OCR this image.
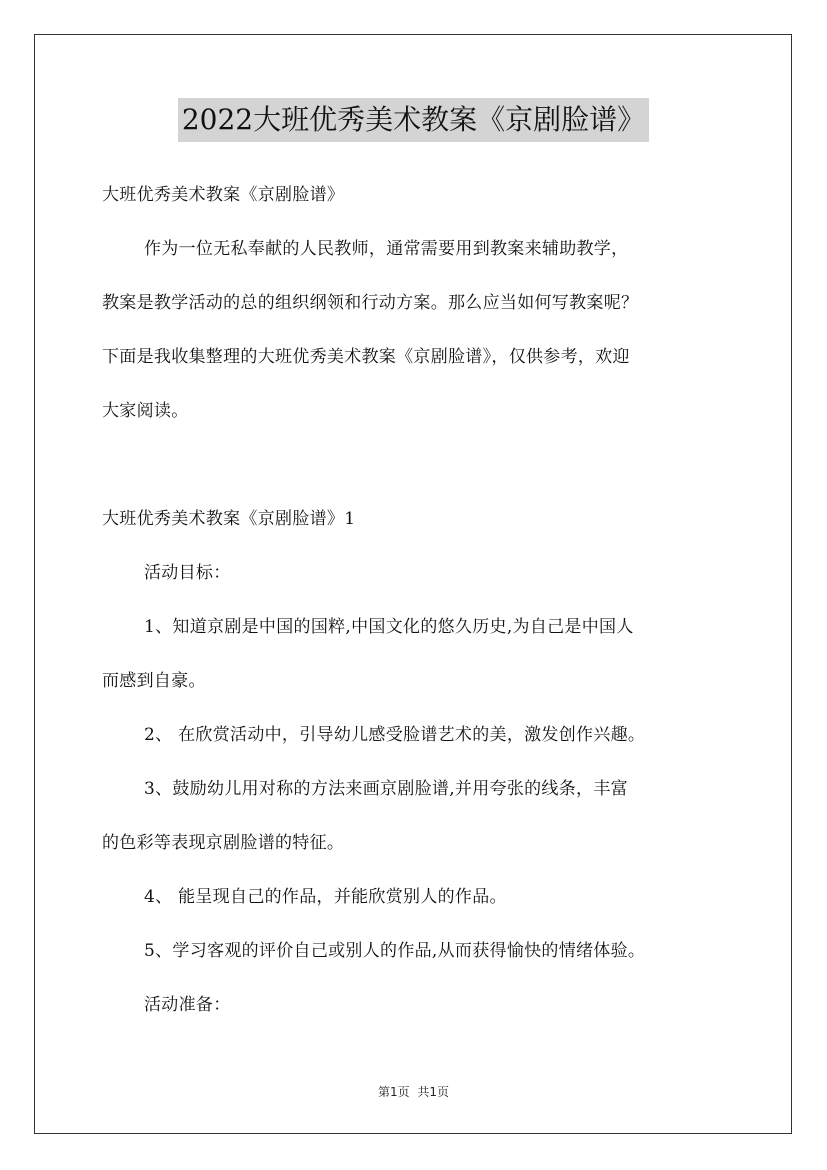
2022大班优秀美术教案《京剧脸谱》
大班优秀美术教案《京剧脸谱》
作为一位无私奉献的人民教师，通常需要用到教案来辅助教学，
教案是教学活动的总的组织纲领和行动方案。那么应当如何写教案呢？
下面是我收集整理的大班优秀美术教案《京剧脸谱》，仅供参考，欢迎
大家阅读。
大班优秀美术教案《京剧脸谱》1
活动目标：
1、知道京剧是中国的国粹,中国文化的悠久历史,为自己是中国人
而感到自豪。
2、 在欣赏活动中，引导幼儿感受脸谱艺术的美，激发创作兴趣。
3、鼓励幼儿用对称的方法来画京剧脸谱,并用夸张的线条，丰富
的色彩等表现京剧脸谱的特征。
4、 能呈现自己的作品，并能欣赏别人的作品。
5、学习客观的评价自己或别人的作品,从而获得愉快的情绪体验。
活动准备：
第1页 共1页
